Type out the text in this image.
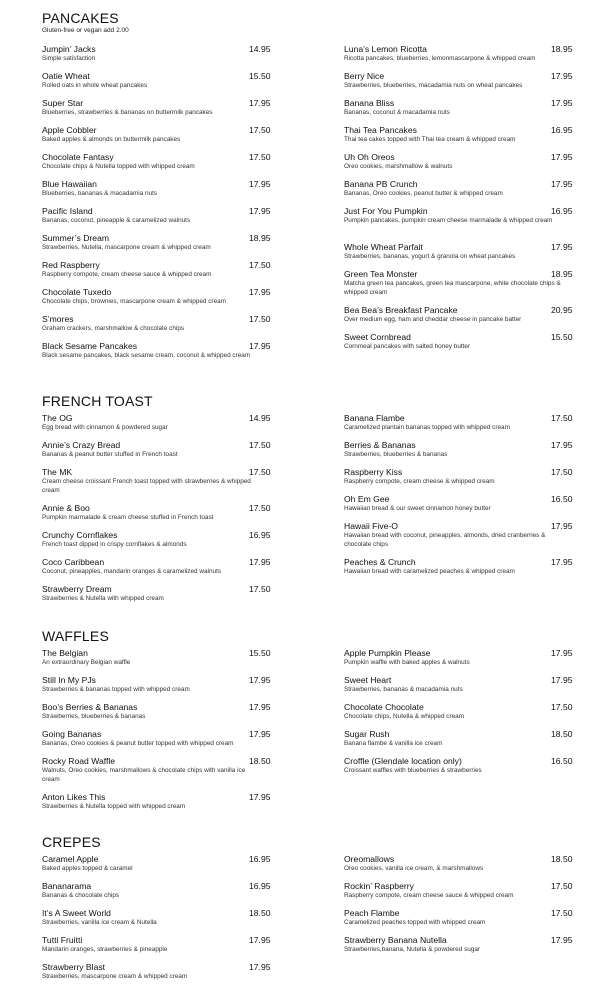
PANCAKES
Gluten-free or vegan add 2.00
Jumpin’ Jacks	14.95
Simple satisfaction
Oatie Wheat	15.50
Rolled oats in whole wheat pancakes
Super Star	17.95
Blueberries, strawberries & bananas on buttermilk pancakes
Apple Cobbler	17.50
Baked apples & almonds on buttermilk pancakes
Chocolate Fantasy	17.50
Chocolate chips & Nutella topped with whipped cream
Blue Hawaiian	17.95
Blueberries, bananas & macadamia nuts
Pacific Island	17.95
Bananas, coconut, pineapple & caramelized walnuts
Summer’s Dream	18.95
Strawberries, Nutella, mascarpone cream & whipped cream
Red Raspberry	17.50
Raspberry compote, cream cheese sauce & whipped cream
Chocolate Tuxedo	17.95
Chocolate chips, brownies, mascarpone cream & whipped cream
S’mores	17.50
Graham crackers, marshmallow & chocolate chips
Black Sesame Pancakes	17.95
Black sesame pancakes, black sesame cream, coconut & whipped cream
Luna’s Lemon Ricotta	18.95
Ricotta pancakes, blueberries, lemonmascarpone & whipped cream
Berry Nice	17.95
Strawberries, blueberries, macadamia nuts on wheat pancakes
Banana Bliss	17.95
Bananas, coconut & macadamia nuts
Thai Tea Pancakes	16.95
Thai tea cakes topped with Thai tea cream & whipped cream
Uh Oh Oreos	17.95
Oreo cookies, marshmallow & walnuts
Banana PB Crunch	17.95
Bananas, Oreo cookies, peanut butter & whipped cream
Just For You Pumpkin	16.95
Pumpkin pancakes, pumpkin cream cheese marmalade & whipped cream
Whole Wheat Parfait	17.95
Strawberries, bananas, yogurt & granola on wheat pancakes
Green Tea Monster	18.95
Matcha green tea pancakes, green tea mascarpone, white chocolate chips & whipped cream
Bea Bea’s Breakfast Pancake	20.95
Over medium egg, ham and cheddar cheese in pancake batter
Sweet Cornbread	15.50
Cornmeal pancakes with salted honey butter
FRENCH TOAST
The OG	14.95
Egg bread with cinnamon & powdered sugar
Annie’s Crazy Bread	17.50
Bananas & peanut butter stuffed in French toast
The MK	17.50
Cream cheese croissant French toast topped with strawberries & whipped cream
Annie & Boo	17.50
Pumpkin marmalade & cream cheese stuffed in French toast
Crunchy Cornflakes	16.95
French toast dipped in crispy cornflakes & almonds
Coco Caribbean	17.95
Coconut, pineapples, mandarin oranges & caramelized walnuts
Strawberry Dream	17.50
Strawberries & Nutella with whipped cream
Banana Flambe	17.50
Caramelized plantain bananas topped with whipped cream
Berries & Bananas	17.95
Strawberries, blueberries & bananas
Raspberry Kiss	17.50
Raspberry compote, cream cheese & whipped cream
Oh Em Gee	16.50
Hawaiian bread & our sweet cinnamon honey butter
Hawaii Five-O	17.95
Hawaiian bread with coconut, pineapples, almonds, dried cranberries & chocolate chips
Peaches & Crunch	17.95
Hawaiian bread with caramelized peaches & whipped cream
WAFFLES
The Belgian	15.50
An extraordinary Belgian waffle
Still In My PJs	17.95
Strawberries & bananas topped with whipped cream
Boo’s Berries & Bananas	17.95
Strawberries, blueberries & bananas
Going Bananas	17.95
Bananas, Oreo cookies & peanut butter topped with whipped cream
Rocky Road Waffle	18.50
Walnuts, Oreo cookies, marshmallows & chocolate chips with vanilla ice cream
Anton Likes This	17.95
Strawberries & Nutella topped with whipped cream
Apple Pumpkin Please	17.95
Pumpkin waffle with baked apples & walnuts
Sweet Heart	17.95
Strawberries, bananas & macadamia nuts
Chocolate Chocolate	17.50
Chocolate chips, Nutella & whipped cream
Sugar Rush	18.50
Banana flambe & vanilla ice cream
Croffle (Glendale location only)	16.50
Croissant waffles with blueberries & strawberries
CREPES
Caramel Apple	16.95
Baked apples topped & caramel
Bananarama	16.95
Bananas & chocolate chips
It’s A Sweet World	18.50
Strawberries, vanilla ice cream & Nutella
Tutti Fruitti	17.95
Mandarin oranges, strawberries & pineapple
Strawberry Blast	17.95
Strawberries, mascarpone cream & whipped cream
Oreomallows	18.50
Oreo cookies, vanilla ice cream, & marshmallows
Rockin’ Raspberry	17.50
Raspberry compote, cream cheese sauce & whipped cream
Peach Flambe	17.50
Caramelized peaches topped with whipped cream
Strawberry Banana Nutella	17.95
Strawberries,banana, Nutella & powdered sugar
